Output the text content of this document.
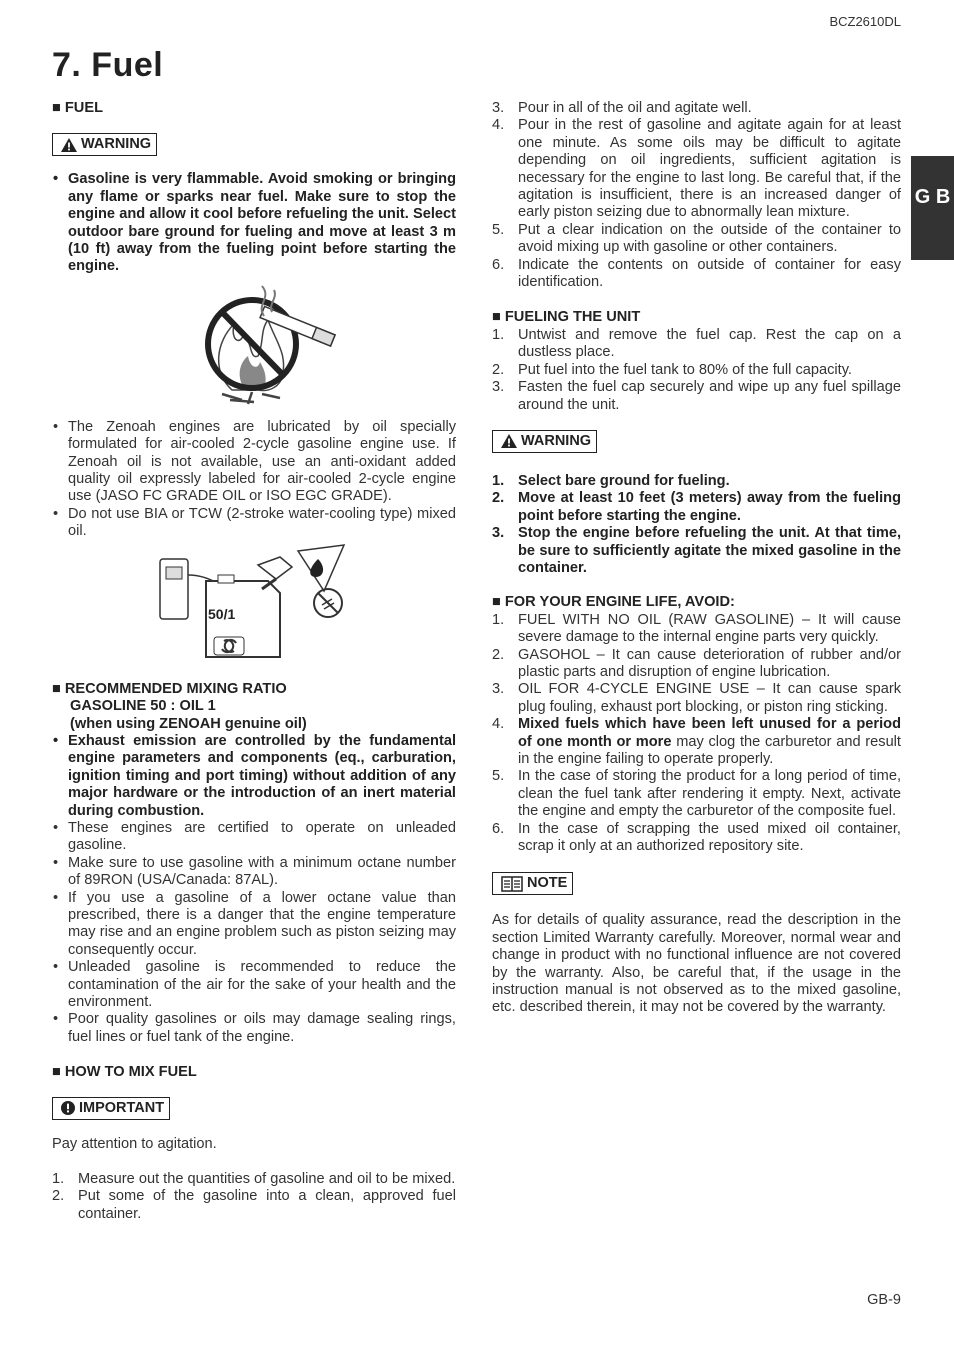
BCZ2610DL
7. Fuel
G B

■ FUEL

WARNING
• Gasoline is very flammable. Avoid smoking or bringing any flame or sparks near fuel. Make sure to stop the engine and allow it cool before refueling the unit. Select outdoor bare ground for fueling and move at least 3 m (10 ft) away from the fueling point before starting the engine.
• The Zenoah engines are lubricated by oil specially formulated for air-cooled 2-cycle gasoline engine use. If Zenoah oil is not available, use an anti-oxidant added quality oil expressly labeled for air-cooled 2-cycle engine use (JASO FC GRADE OIL or ISO EGC GRADE).
• Do not use BIA or TCW (2-stroke water-cooling type) mixed oil.
50/1

■ RECOMMENDED MIXING RATIO

GASOLINE 50 : OIL 1

(when using ZENOAH genuine oil)

• Exhaust emission are controlled by the fundamental engine parameters and components (eq., carburation, ignition timing and port timing) without addition of any major hardware or the introduction of an inert material during combustion.
• These engines are certified to operate on unleaded gasoline.
• Make sure to use gasoline with a minimum octane number of 89RON (USA/Canada: 87AL).
• If you use a gasoline of a lower octane value than prescribed, there is a danger that the engine temperature may rise and an engine problem such as piston seizing may consequently occur.
• Unleaded gasoline is recommended to reduce the contamination of the air for the sake of your health and the environment.
• Poor quality gasolines or oils may damage sealing rings, fuel lines or fuel tank of the engine.

■ HOW TO MIX FUEL

IMPORTANT

Pay attention to agitation.

1. Measure out the quantities of gasoline and oil to be mixed.
2. Put some of the gasoline into a clean, approved fuel container.
3. Pour in all of the oil and agitate well.
4. Pour in the rest of gasoline and agitate again for at least one minute. As some oils may be difficult to agitate depending on oil ingredients, sufficient agitation is necessary for the engine to last long. Be careful that, if the agitation is insufficient, there is an increased danger of early piston seizing due to abnormally lean mixture.
5. Put a clear indication on the outside of the container to avoid mixing up with gasoline or other containers.
6. Indicate the contents on outside of container for easy identification.

■ FUELING THE UNIT

1. Untwist and remove the fuel cap. Rest the cap on a dustless place.
2. Put fuel into the fuel tank to 80% of the full capacity.
3. Fasten the fuel cap securely and wipe up any fuel spillage around the unit.
WARNING
1. Select bare ground for fueling.
2. Move at least 10 feet (3 meters) away from the fueling point before starting the engine.
3. Stop the engine before refueling the unit. At that time, be sure to sufficiently agitate the mixed gasoline in the container.

■ FOR YOUR ENGINE LIFE, AVOID:

1. FUEL WITH NO OIL (RAW GASOLINE) – It will cause severe damage to the internal engine parts very quickly.
2. GASOHOL – It can cause deterioration of rubber and/or plastic parts and disruption of engine lubrication.
3. OIL FOR 4-CYCLE ENGINE USE – It can cause spark plug fouling, exhaust port blocking, or piston ring sticking.
4. Mixed fuels which have been left unused for a period of one month or more may clog the carburetor and result in the engine failing to operate properly.
5. In the case of storing the product for a long period of time, clean the fuel tank after rendering it empty. Next, activate the engine and empty the carburetor of the composite fuel.
6. In the case of scrapping the used mixed oil container, scrap it only at an authorized repository site.
NOTE

As for details of quality assurance, read the description in the section Limited Warranty carefully. Moreover, normal wear and change in product with no functional influence are not covered by the warranty. Also, be careful that, if the usage in the instruction manual is not observed as to the mixed gasoline, etc. described therein, it may not be covered by the warranty.

GB-9
